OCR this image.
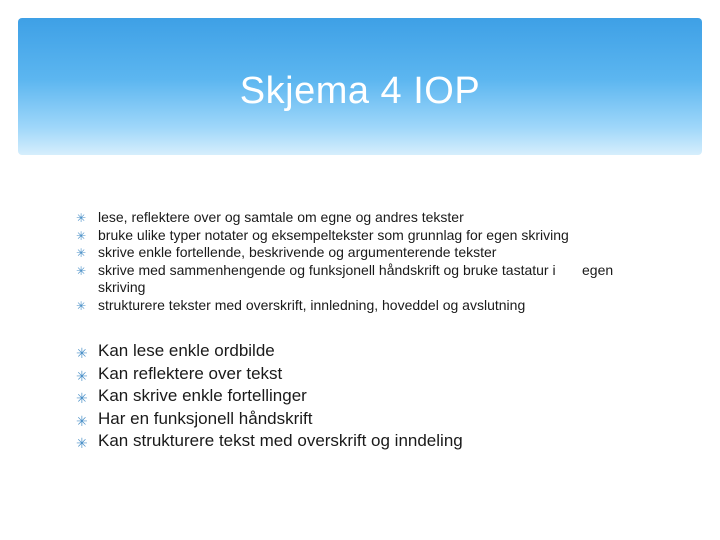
Skjema 4 IOP
✳ lese, reflektere over og samtale om egne og andres tekster
✳ bruke ulike typer notater og eksempeltekster som grunnlag for egen skriving
✳ skrive enkle fortellende, beskrivende og argumenterende tekster
✳ skrive med sammenhengende og funksjonell håndskrift og bruke tastatur i egen
skriving
✳ strukturere tekster med overskrift, innledning, hoveddel og avslutning
✳ Kan lese enkle ordbilde
✳ Kan reflektere over tekst
✳ Kan skrive enkle fortellinger
✳ Har en funksjonell håndskrift
✳ Kan strukturere tekst med overskrift og inndeling
